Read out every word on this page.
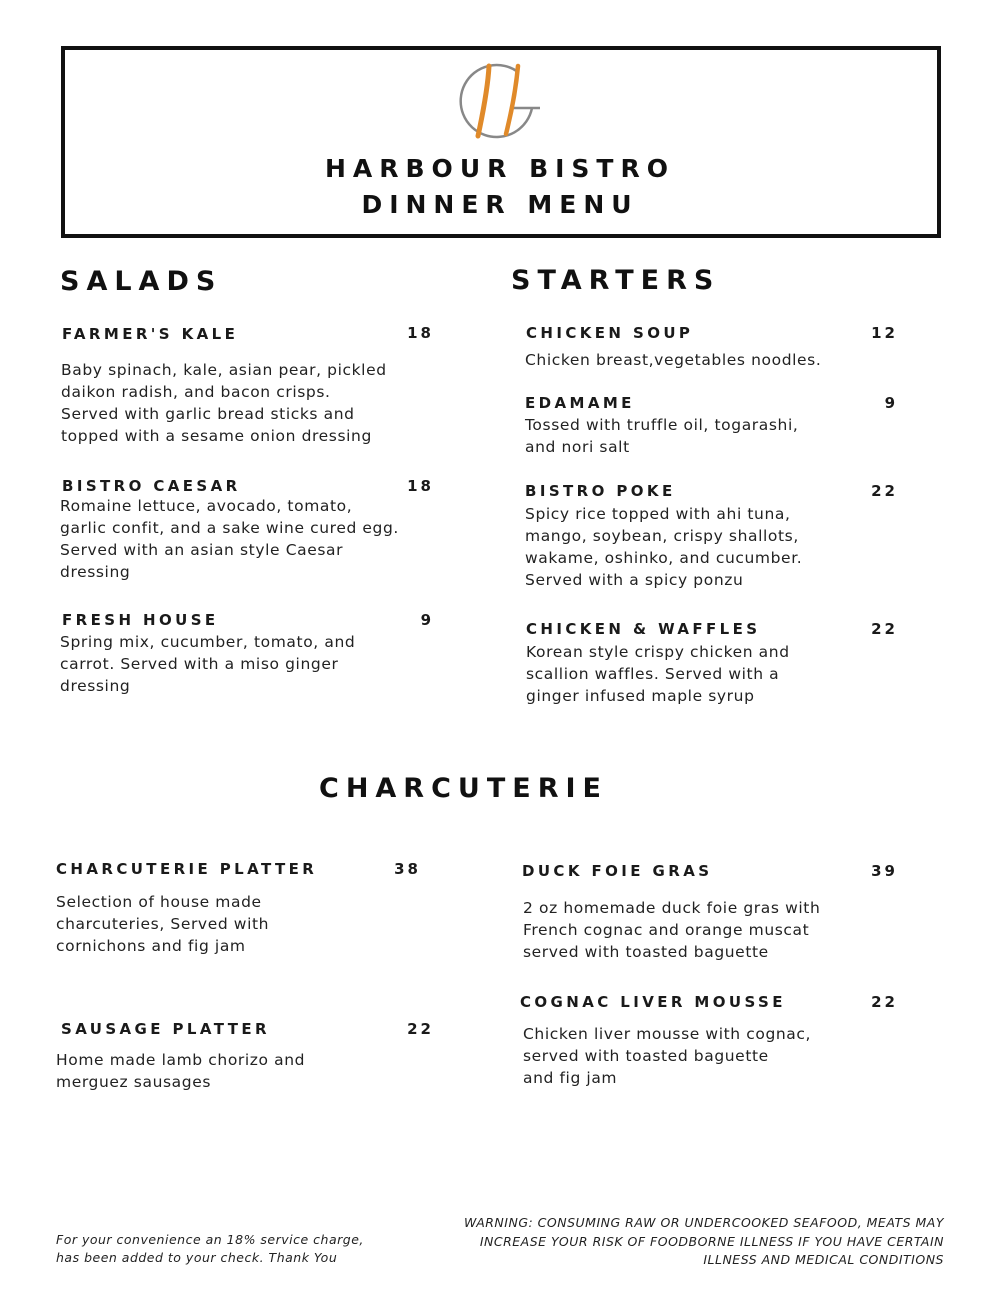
HARBOUR BISTRO
DINNER MENU
SALADS
FARMER'S KALE	18
Baby spinach, kale, asian pear, pickled
daikon radish, and bacon crisps.
Served with garlic bread sticks and
topped with a sesame onion dressing
BISTRO CAESAR	18
Romaine lettuce, avocado, tomato,
garlic confit, and a sake wine cured egg.
Served with an asian style Caesar
dressing
FRESH HOUSE	9
Spring mix, cucumber, tomato, and
carrot. Served with a miso ginger
dressing
STARTERS
CHICKEN SOUP	12
Chicken breast,vegetables noodles.
EDAMAME	9
Tossed with truffle oil, togarashi,
and nori salt
BISTRO POKE	22
Spicy rice topped with ahi tuna,
mango, soybean, crispy shallots,
wakame, oshinko, and cucumber.
Served with a spicy ponzu
CHICKEN & WAFFLES	22
Korean style crispy chicken and
scallion waffles. Served with a
ginger infused maple syrup
CHARCUTERIE
CHARCUTERIE PLATTER	38
Selection of house made
charcuteries, Served with
cornichons and fig jam
SAUSAGE PLATTER	22
Home made lamb chorizo and
merguez sausages
DUCK FOIE GRAS	39
2 oz homemade duck foie gras with
French cognac and orange muscat
served with toasted baguette
COGNAC LIVER MOUSSE	22
Chicken liver mousse with cognac,
served with toasted baguette
and fig jam
For your convenience an 18% service charge,
has been added to your check. Thank You
WARNING: CONSUMING RAW OR UNDERCOOKED SEAFOOD, MEATS MAY
INCREASE YOUR RISK OF FOODBORNE ILLNESS IF YOU HAVE CERTAIN
ILLNESS AND MEDICAL CONDITIONS
